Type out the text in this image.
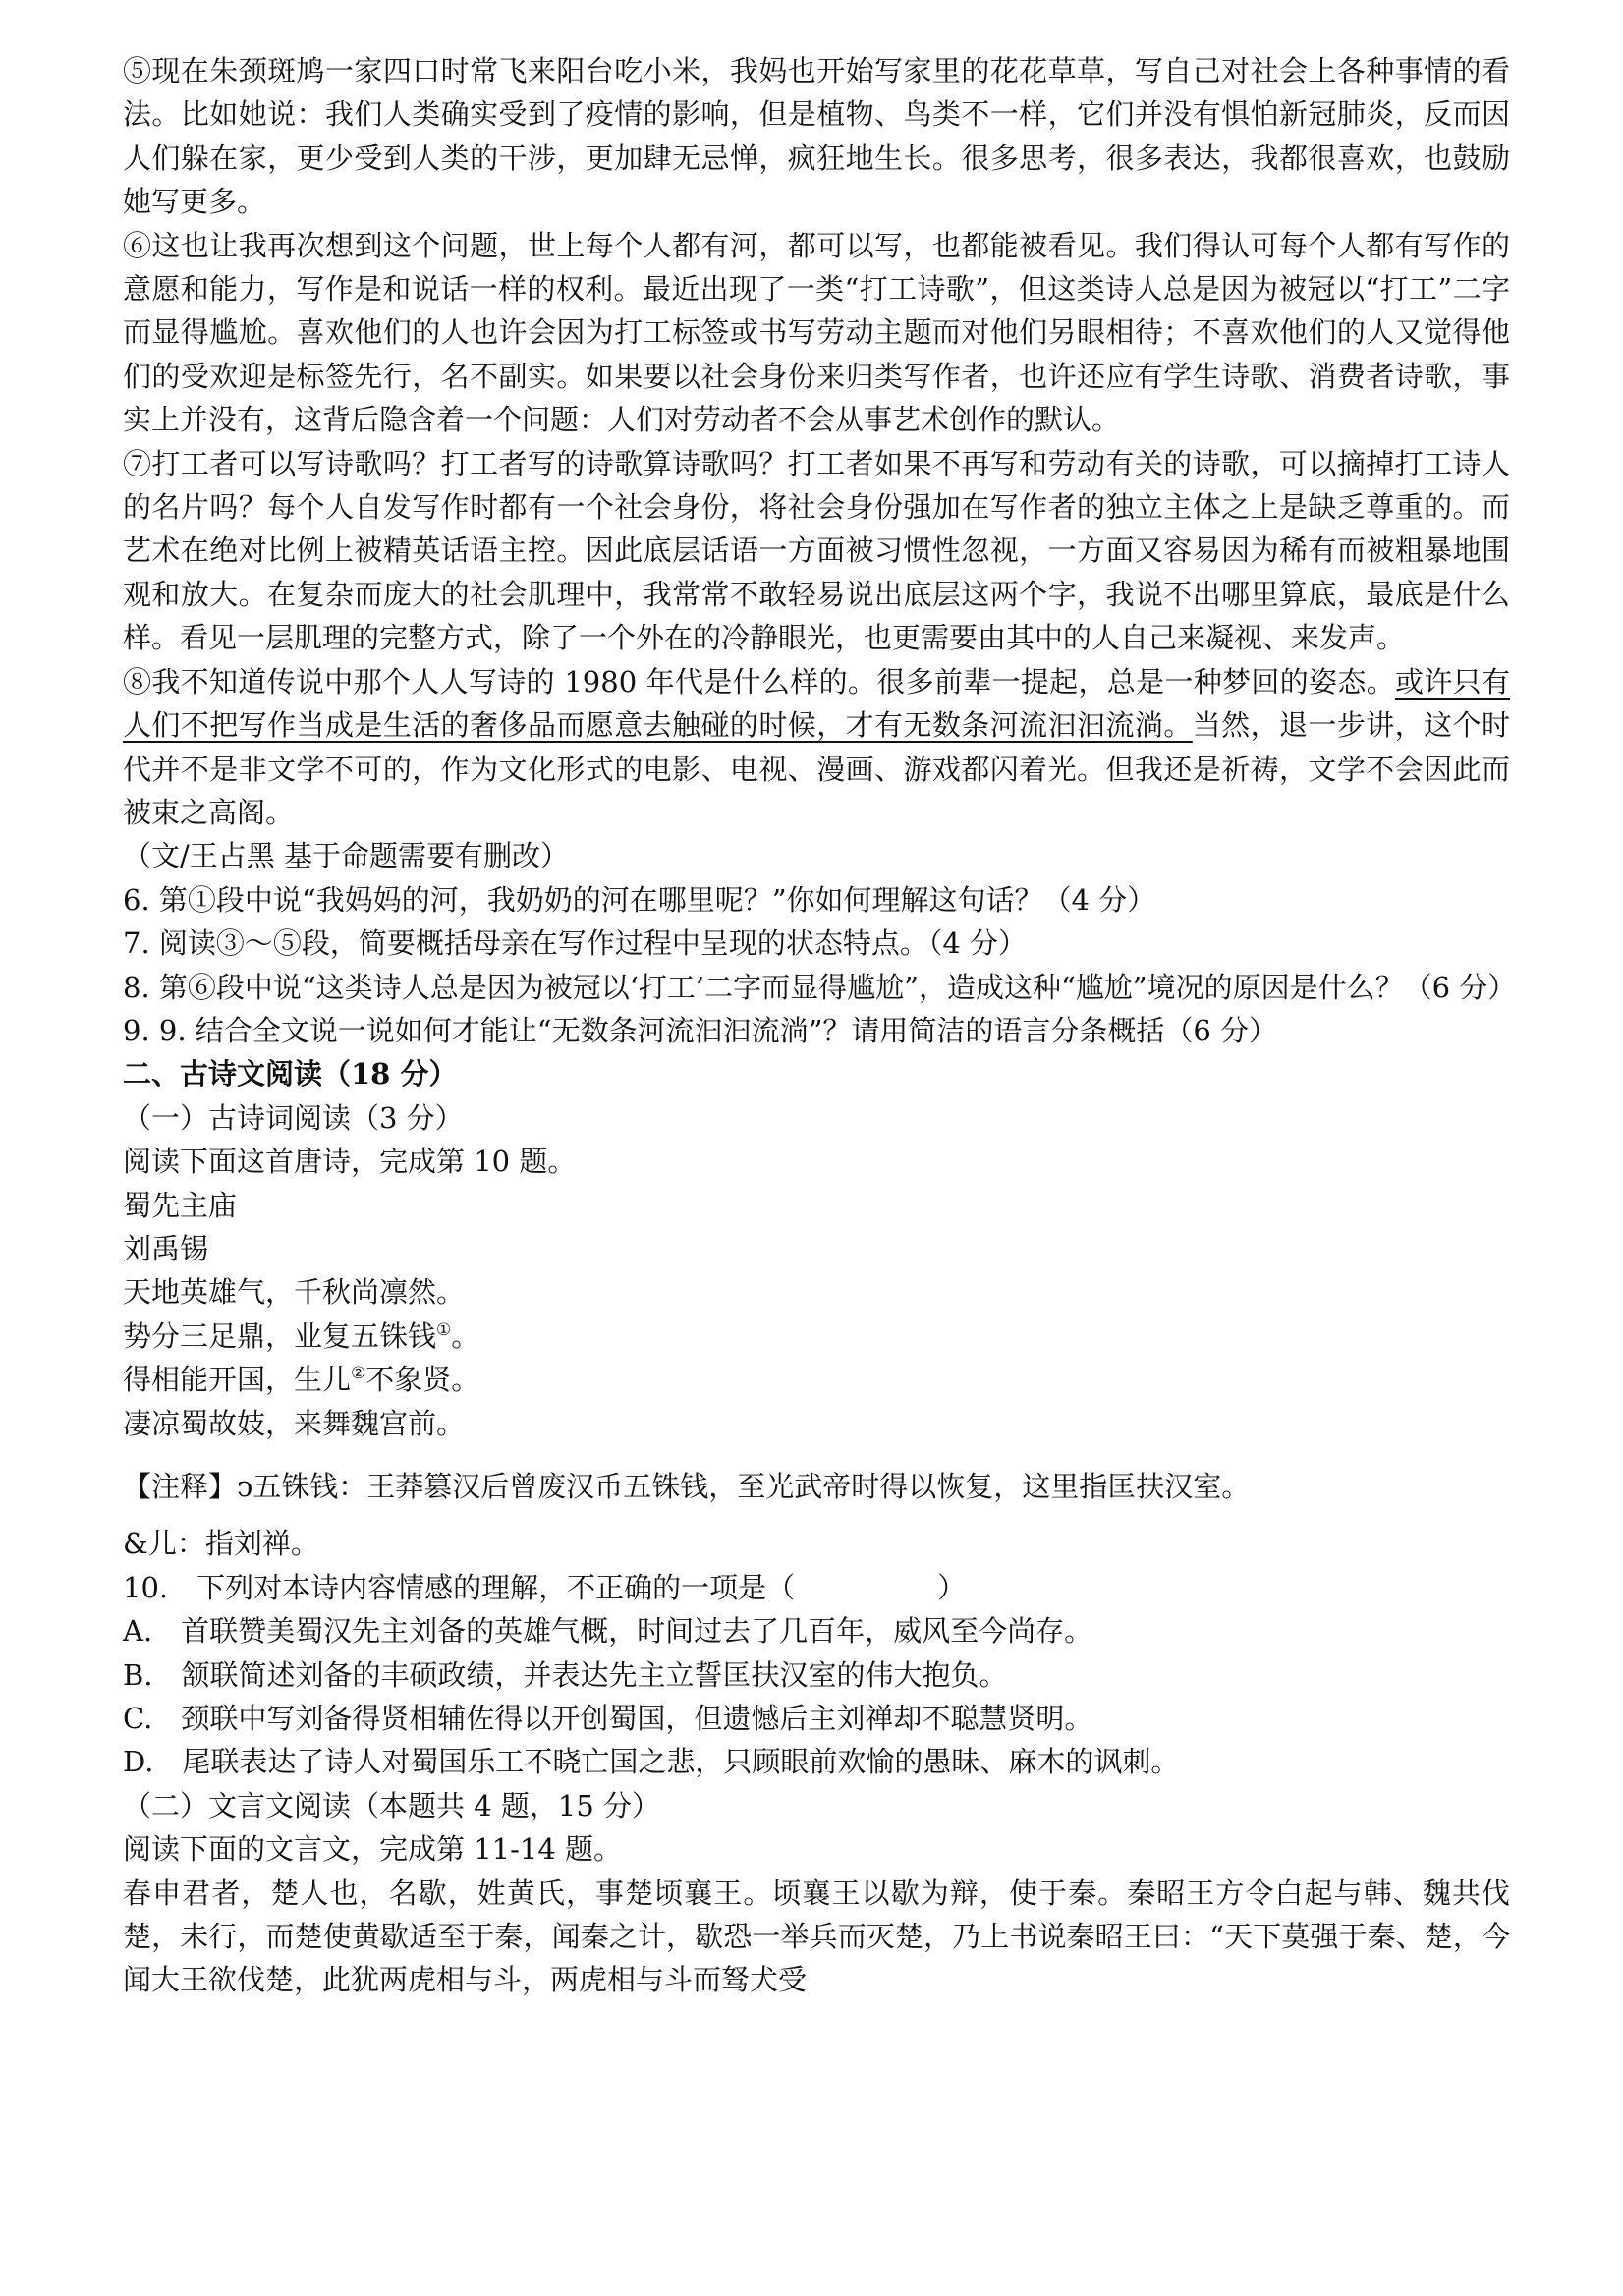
⑤现在朱颈斑鸠一家四口时常飞来阳台吃小米，我妈也开始写家里的花花草草，写自己对社会上各种事情的看法。比如她说：我们人类确实受到了疫情的影响，但是植物、鸟类不一样，它们并没有惧怕新冠肺炎，反而因人们躲在家，更少受到人类的干涉，更加肆无忌惮，疯狂地生长。很多思考，很多表达，我都很喜欢，也鼓励她写更多。

⑥这也让我再次想到这个问题，世上每个人都有河，都可以写，也都能被看见。我们得认可每个人都有写作的意愿和能力，写作是和说话一样的权利。最近出现了一类“打工诗歌”，但这类诗人总是因为被冠以“打工”二字而显得尴尬。喜欢他们的人也许会因为打工标签或书写劳动主题而对他们另眼相待；不喜欢他们的人又觉得他们的受欢迎是标签先行，名不副实。如果要以社会身份来归类写作者，也许还应有学生诗歌、消费者诗歌，事实上并没有，这背后隐含着一个问题：人们对劳动者不会从事艺术创作的默认。

⑦打工者可以写诗歌吗？打工者写的诗歌算诗歌吗？打工者如果不再写和劳动有关的诗歌，可以摘掉打工诗人的名片吗？每个人自发写作时都有一个社会身份，将社会身份强加在写作者的独立主体之上是缺乏尊重的。而艺术在绝对比例上被精英话语主控。因此底层话语一方面被习惯性忽视，一方面又容易因为稀有而被粗暴地围观和放大。在复杂而庞大的社会肌理中，我常常不敢轻易说出底层这两个字，我说不出哪里算底，最底是什么样。看见一层肌理的完整方式，除了一个外在的冷静眼光，也更需要由其中的人自己来凝视、来发声。

⑧我不知道传说中那个人人写诗的 1980 年代是什么样的。很多前辈一提起，总是一种梦回的姿态。或许只有人们不把写作当成是生活的奢侈品而愿意去触碰的时候，才有无数条河流汩汩流淌。当然，退一步讲，这个时代并不是非文学不可的，作为文化形式的电影、电视、漫画、游戏都闪着光。但我还是祈祷，文学不会因此而被束之高阁。

（文/王占黑 基于命题需要有删改）

6. 第①段中说“我妈妈的河，我奶奶的河在哪里呢？”你如何理解这句话？（4 分）

7. 阅读③～⑤段，简要概括母亲在写作过程中呈现的状态特点。（4 分）

8. 第⑥段中说“这类诗人总是因为被冠以‘打工’二字而显得尴尬”，造成这种“尴尬”境况的原因是什么？（6 分）

9. 9. 结合全文说一说如何才能让“无数条河流汩汩流淌”？请用简洁的语言分条概括（6 分）

二、古诗文阅读（18 分）

（一）古诗词阅读（3 分）

阅读下面这首唐诗，完成第 10 题。

蜀先主庙

刘禹锡

天地英雄气，千秋尚凛然。

势分三足鼎，业复五铢钱①。

得相能开国，生儿②不象贤。

凄凉蜀故妓，来舞魏宫前。

【注释】ↄ五铢钱：王莽篡汉后曾废汉币五铢钱，至光武帝时得以恢复，这里指匡扶汉室。

&儿：指刘禅。

10.　下列对本诗内容情感的理解，不正确的一项是（　　　　　）

A.　首联赞美蜀汉先主刘备的英雄气概，时间过去了几百年，威风至今尚存。

B.　颔联简述刘备的丰硕政绩，并表达先主立誓匡扶汉室的伟大抱负。

C.　颈联中写刘备得贤相辅佐得以开创蜀国，但遗憾后主刘禅却不聪慧贤明。

D.　尾联表达了诗人对蜀国乐工不晓亡国之悲，只顾眼前欢愉的愚昧、麻木的讽刺。

（二）文言文阅读（本题共 4 题，15 分）

阅读下面的文言文，完成第 11-14 题。

春申君者，楚人也，名歇，姓黄氏，事楚顷襄王。顷襄王以歇为辩，使于秦。秦昭王方令白起与韩、魏共伐楚，未行，而楚使黄歇适至于秦，闻秦之计，歇恐一举兵而灭楚，乃上书说秦昭王曰：“天下莫强于秦、楚，今闻大王欲伐楚，此犹两虎相与斗，两虎相与斗而驽犬受
